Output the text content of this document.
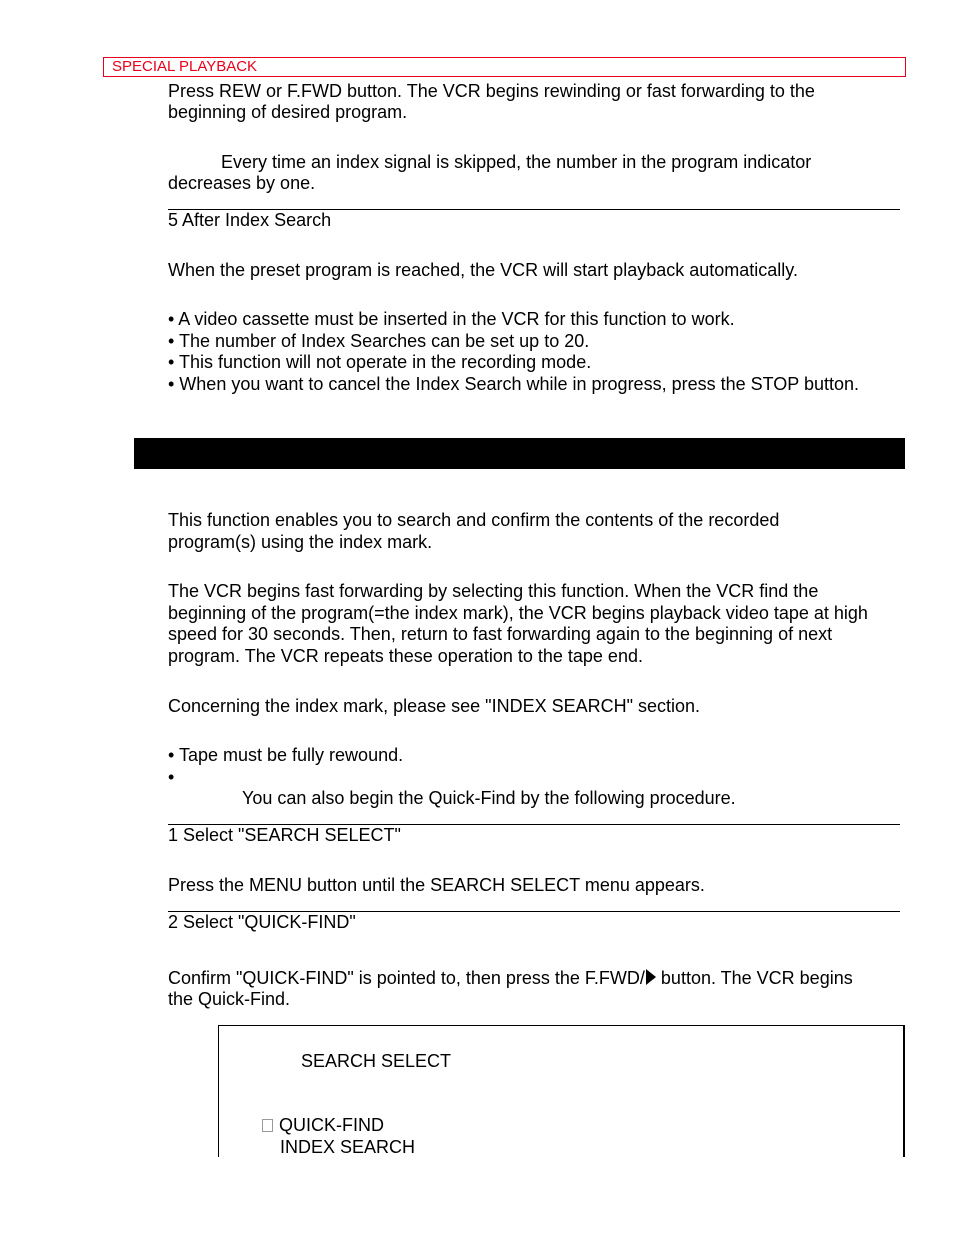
SPECIAL PLAYBACK
Press REW or F.FWD button. The VCR begins rewinding or fast forwarding to the
beginning of desired program.
Every time an index signal is skipped, the number in the program indicator
decreases by one.
5 After Index Search
When the preset program is reached, the VCR will start playback automatically.
• A video cassette must be inserted in the VCR for this function to work.
• The number of Index Searches can be set up to 20.
• This function will not operate in the recording mode.
• When you want to cancel the Index Search while in progress, press the STOP button.
This function enables you to search and confirm the contents of the recorded
program(s) using the index mark.
The VCR begins fast forwarding by selecting this function. When the VCR find the
beginning of the program(=the index mark), the VCR begins playback video tape at high
speed for 30 seconds. Then, return to fast forwarding again to the beginning of next
program. The VCR repeats these operation to the tape end.
Concerning the index mark, please see "INDEX SEARCH" section.
• Tape must be fully rewound.
•
You can also begin the Quick-Find by the following procedure.
1 Select "SEARCH SELECT"
Press the MENU button until the SEARCH SELECT menu appears.
2 Select "QUICK-FIND"
Confirm "QUICK-FIND" is pointed to, then press the F.FWD/ button. The VCR begins
the Quick-Find.
SEARCH SELECT
QUICK-FIND
INDEX SEARCH
